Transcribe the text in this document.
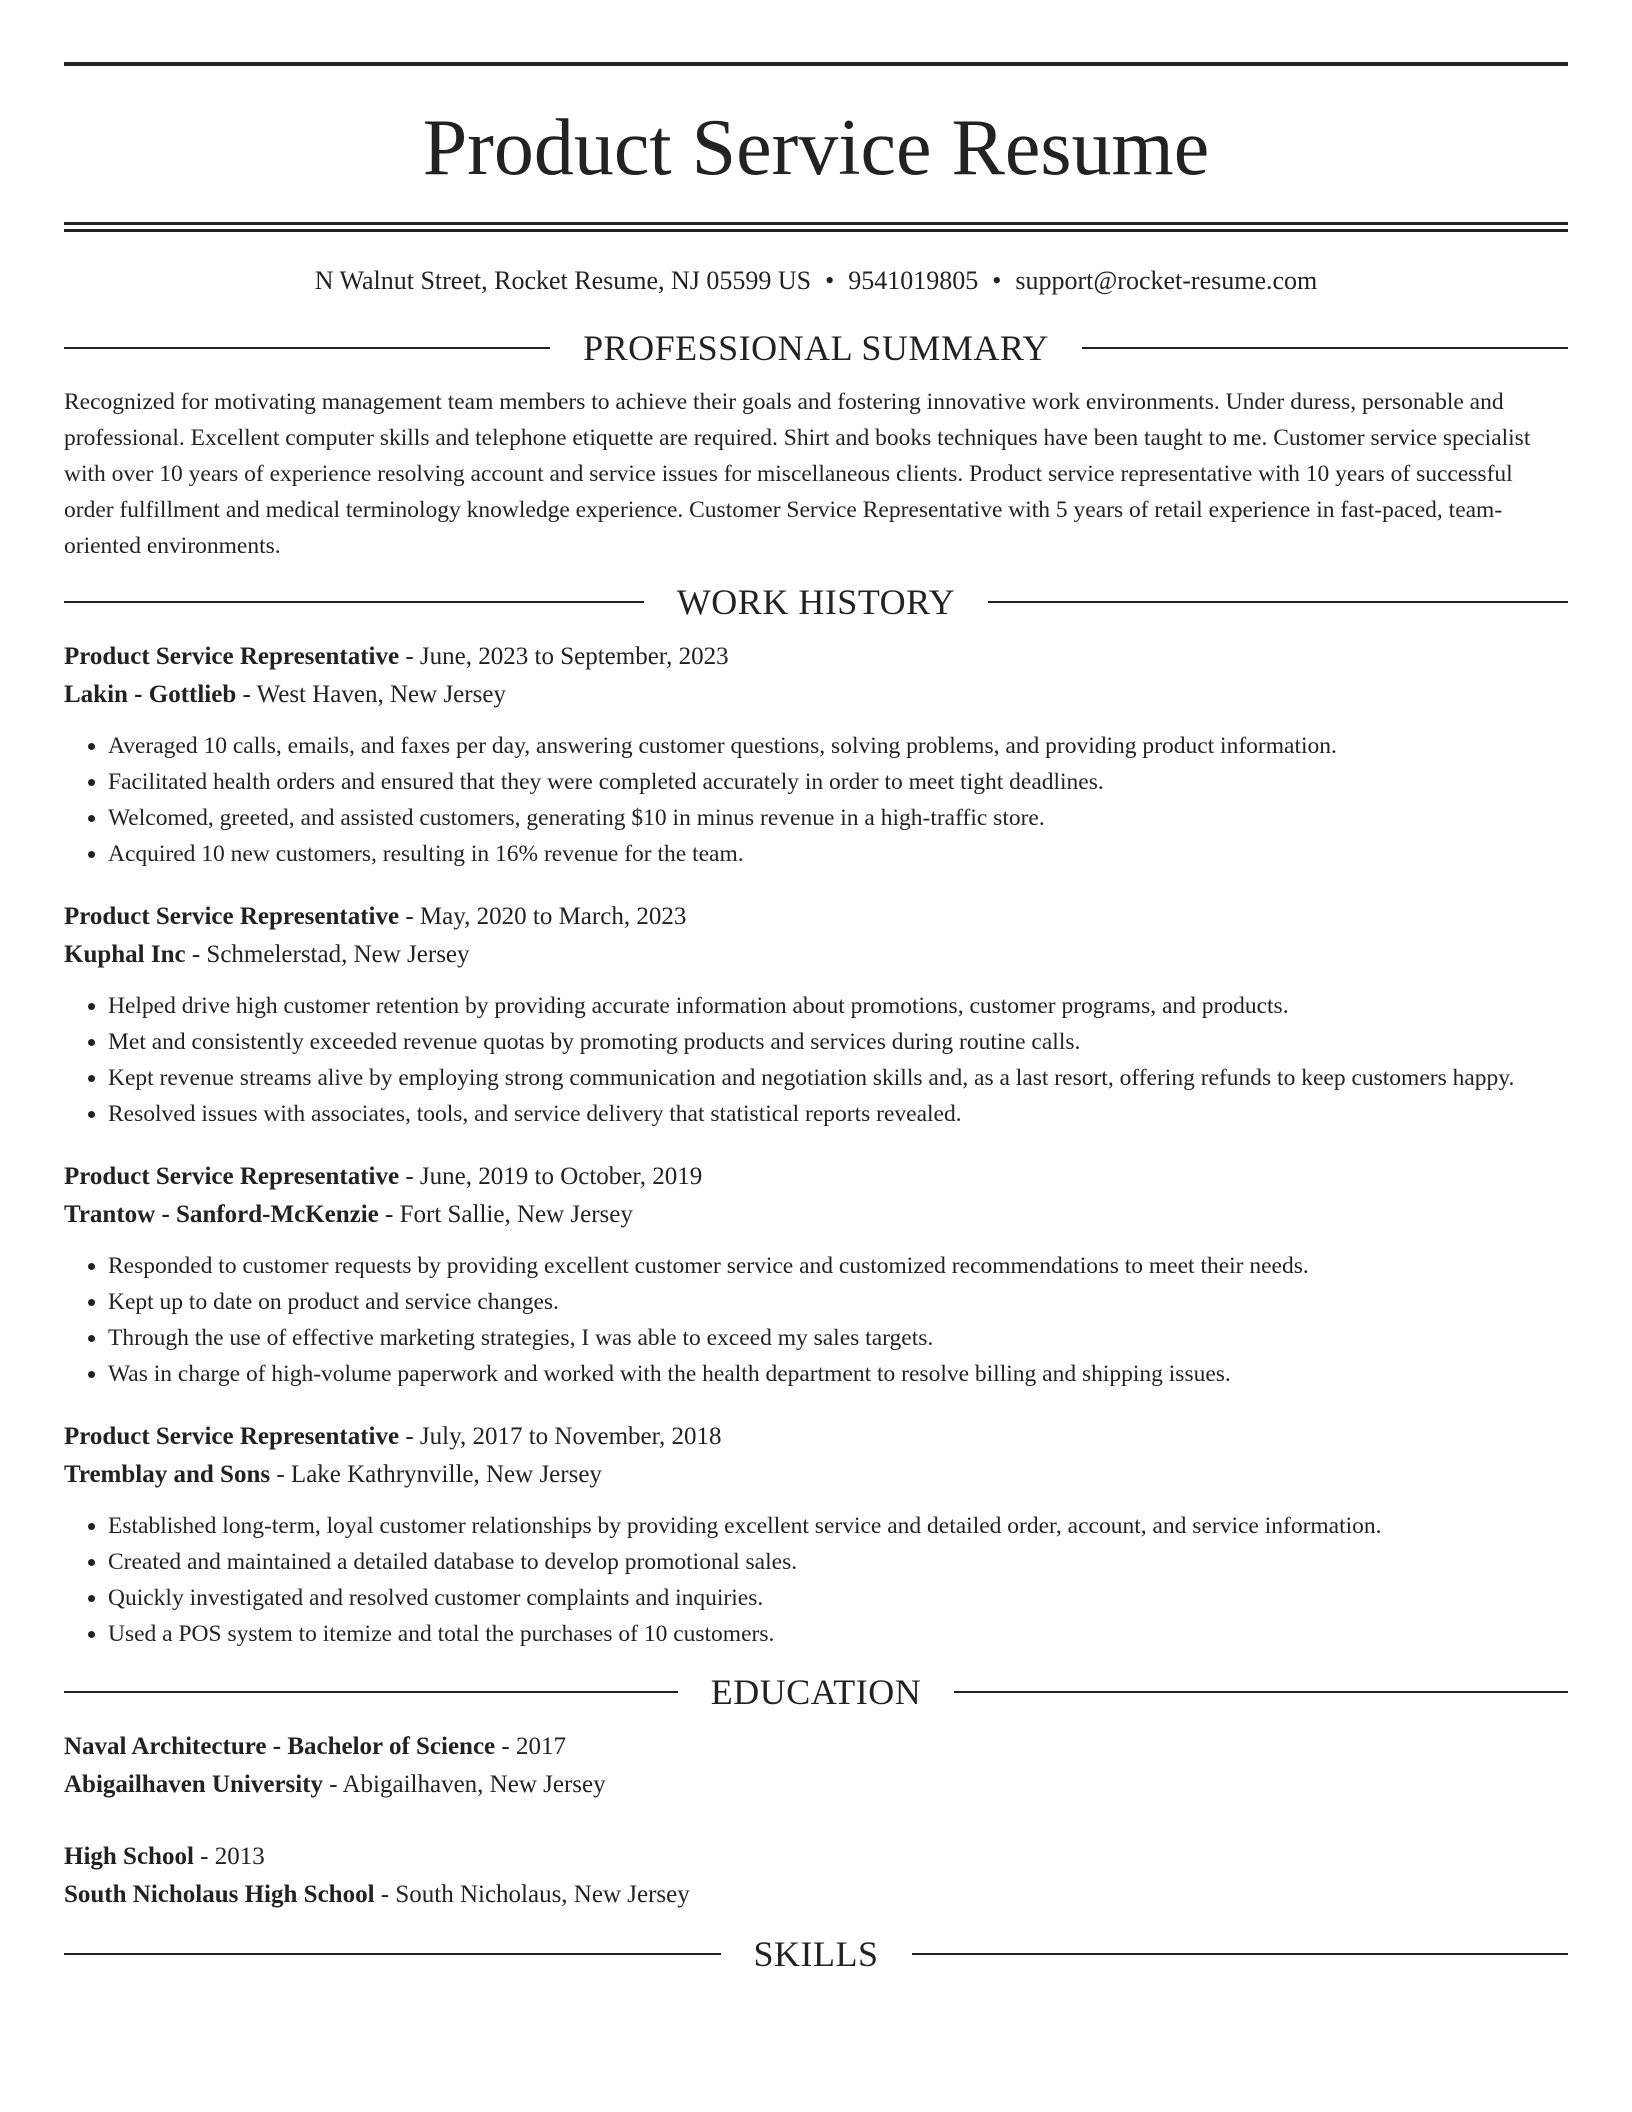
Product Service Resume
N Walnut Street, Rocket Resume, NJ 05599 US • 9541019805 • support@rocket-resume.com
PROFESSIONAL SUMMARY

Recognized for motivating management team members to achieve their goals and fostering innovative work environments. Under duress, personable and professional. Excellent computer skills and telephone etiquette are required. Shirt and books techniques have been taught to me. Customer service specialist with over 10 years of experience resolving account and service issues for miscellaneous clients. Product service representative with 10 years of successful order fulfillment and medical terminology knowledge experience. Customer Service Representative with 5 years of retail experience in fast-paced, team-oriented environments.

WORK HISTORY
Product Service Representative - June, 2023 to September, 2023
Lakin - Gottlieb - West Haven, New Jersey
• Averaged 10 calls, emails, and faxes per day, answering customer questions, solving problems, and providing product information.
• Facilitated health orders and ensured that they were completed accurately in order to meet tight deadlines.
• Welcomed, greeted, and assisted customers, generating $10 in minus revenue in a high-traffic store.
• Acquired 10 new customers, resulting in 16% revenue for the team.
Product Service Representative - May, 2020 to March, 2023
Kuphal Inc - Schmelerstad, New Jersey
• Helped drive high customer retention by providing accurate information about promotions, customer programs, and products.
• Met and consistently exceeded revenue quotas by promoting products and services during routine calls.
• Kept revenue streams alive by employing strong communication and negotiation skills and, as a last resort, offering refunds to keep customers happy.
• Resolved issues with associates, tools, and service delivery that statistical reports revealed.
Product Service Representative - June, 2019 to October, 2019
Trantow - Sanford-McKenzie - Fort Sallie, New Jersey
• Responded to customer requests by providing excellent customer service and customized recommendations to meet their needs.
• Kept up to date on product and service changes.
• Through the use of effective marketing strategies, I was able to exceed my sales targets.
• Was in charge of high-volume paperwork and worked with the health department to resolve billing and shipping issues.
Product Service Representative - July, 2017 to November, 2018
Tremblay and Sons - Lake Kathrynville, New Jersey
• Established long-term, loyal customer relationships by providing excellent service and detailed order, account, and service information.
• Created and maintained a detailed database to develop promotional sales.
• Quickly investigated and resolved customer complaints and inquiries.
• Used a POS system to itemize and total the purchases of 10 customers.
EDUCATION
Naval Architecture - Bachelor of Science - 2017
Abigailhaven University - Abigailhaven, New Jersey
High School - 2013
South Nicholaus High School - South Nicholaus, New Jersey
SKILLS
